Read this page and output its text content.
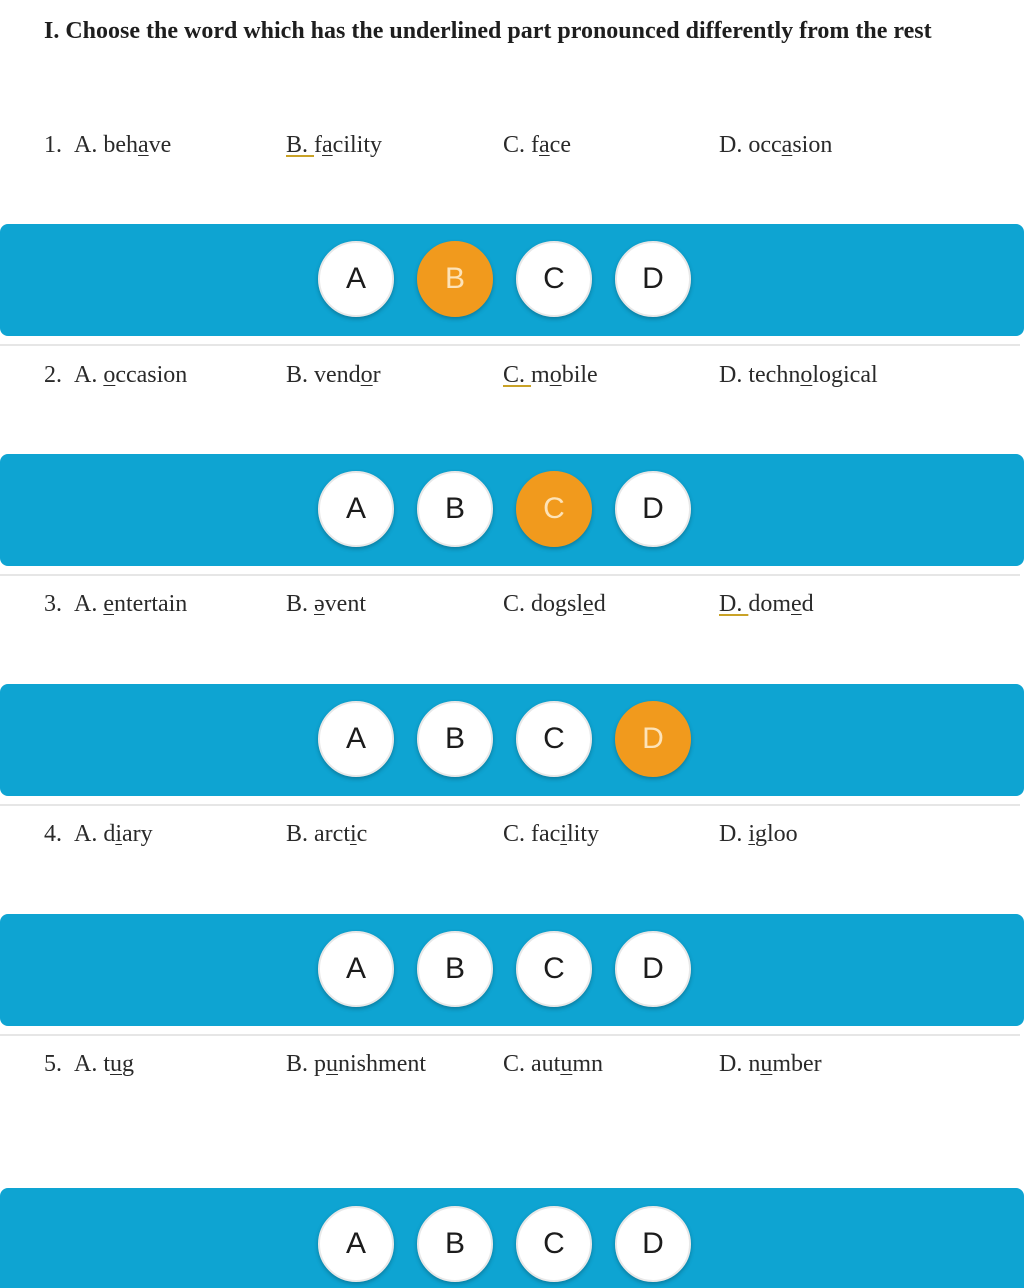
I. Choose the word which has the underlined part pronounced differently from the rest
1. A. behave	B. facility	C. face	D. occasion
A	B	C	D
2. A. occasion	B. vendor	C. mobile	D. technological
A	B	C	D
3. A. entertain	B. əvent	C. dogsled	D. domed
A	B	C	D
4. A. diary	B. arctic	C. facility	D. igloo
A	B	C	D
5. A. tug	B. punishment	C. autumn	D. number
A	B	C	D
